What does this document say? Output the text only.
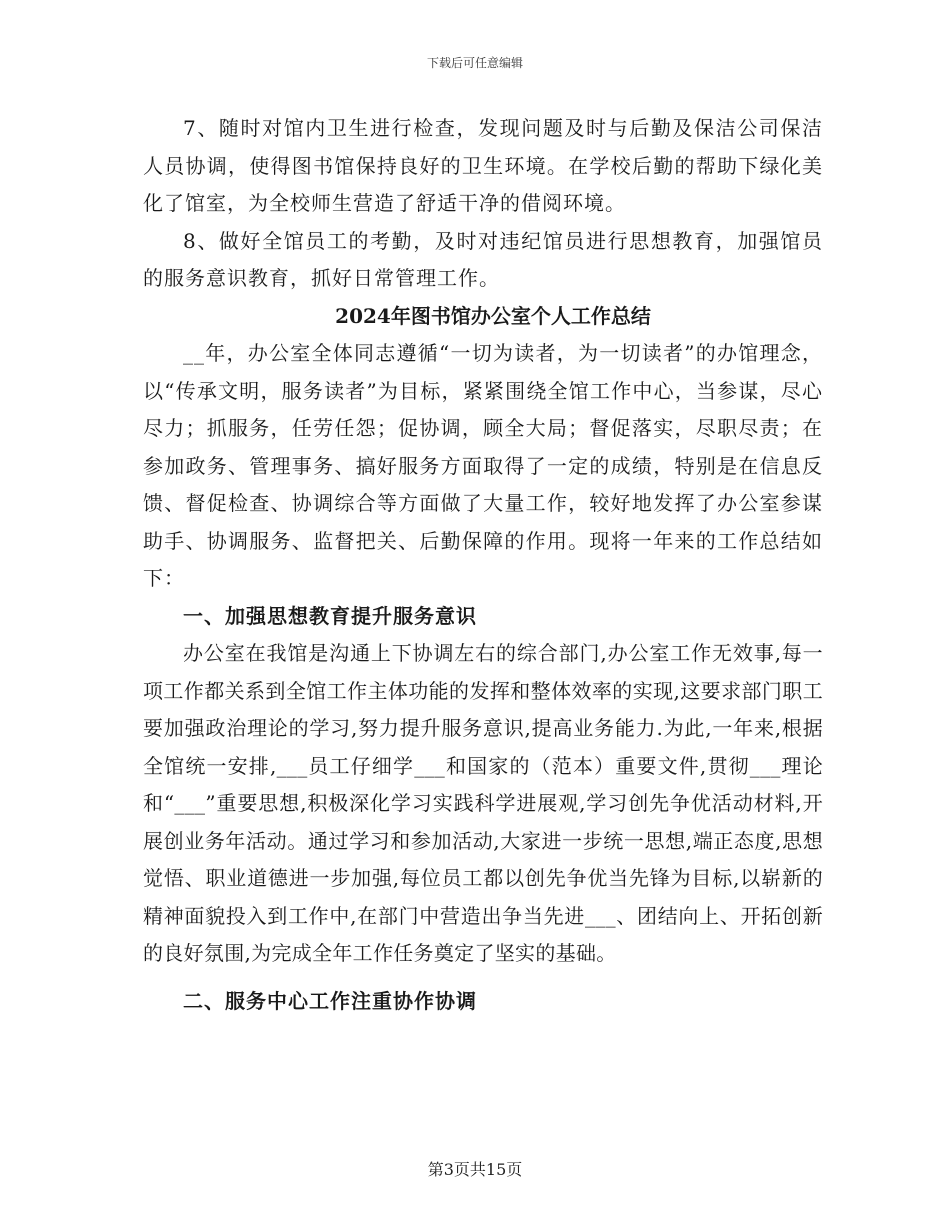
下载后可任意编辑

7、随时对馆内卫生进行检查，发现问题及时与后勤及保洁公司保洁人员协调，使得图书馆保持良好的卫生环境。在学校后勤的帮助下绿化美化了馆室，为全校师生营造了舒适干净的借阅环境。

8、做好全馆员工的考勤，及时对违纪馆员进行思想教育，加强馆员的服务意识教育，抓好日常管理工作。

2024年图书馆办公室个人工作总结

__年，办公室全体同志遵循“一切为读者，为一切读者”的办馆理念，以“传承文明，服务读者”为目标，紧紧围绕全馆工作中心，当参谋，尽心尽力；抓服务，任劳任怨；促协调，顾全大局；督促落实，尽职尽责；在参加政务、管理事务、搞好服务方面取得了一定的成绩，特别是在信息反馈、督促检查、协调综合等方面做了大量工作，较好地发挥了办公室参谋助手、协调服务、监督把关、后勤保障的作用。现将一年来的工作总结如下：

一、加强思想教育提升服务意识

办公室在我馆是沟通上下协调左右的综合部门,办公室工作无效事,每一项工作都关系到全馆工作主体功能的发挥和整体效率的实现,这要求部门职工要加强政治理论的学习,努力提升服务意识,提高业务能力.为此,一年来,根据全馆统一安排,___员工仔细学___和国家的（范本）重要文件,贯彻___理论和“___”重要思想,积极深化学习实践科学进展观,学习创先争优活动材料,开展创业务年活动。通过学习和参加活动,大家进一步统一思想,端正态度,思想觉悟、职业道德进一步加强,每位员工都以创先争优当先锋为目标,以崭新的精神面貌投入到工作中,在部门中营造出争当先进___、团结向上、开拓创新的良好氛围,为完成全年工作任务奠定了坚实的基础。

二、服务中心工作注重协作协调
第3页共15页
